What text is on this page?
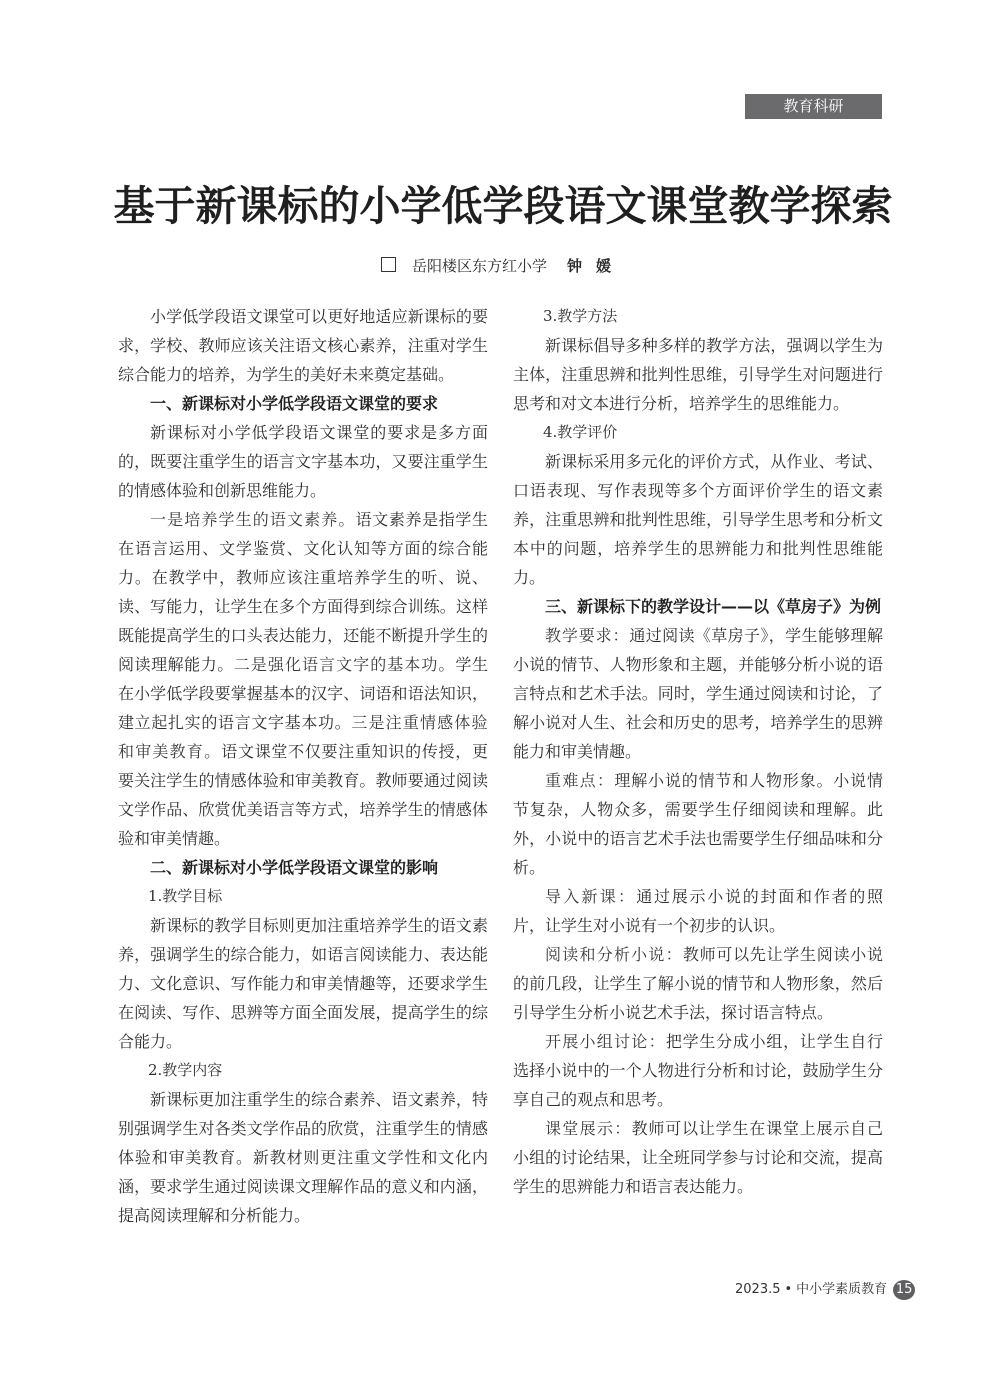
教育科研
基于新课标的小学低学段语文课堂教学探索
岳阳楼区东方红小学 钟媛

小学低学段语文课堂可以更好地适应新课标的要求，学校、教师应该关注语文核心素养，注重对学生综合能力的培养，为学生的美好未来奠定基础。

一、新课标对小学低学段语文课堂的要求

新课标对小学低学段语文课堂的要求是多方面的，既要注重学生的语言文字基本功，又要注重学生的情感体验和创新思维能力。

一是培养学生的语文素养。语文素养是指学生在语言运用、文学鉴赏、文化认知等方面的综合能力。在教学中，教师应该注重培养学生的听、说、读、写能力，让学生在多个方面得到综合训练。这样既能提高学生的口头表达能力，还能不断提升学生的阅读理解能力。二是强化语言文字的基本功。学生在小学低学段要掌握基本的汉字、词语和语法知识，建立起扎实的语言文字基本功。三是注重情感体验和审美教育。语文课堂不仅要注重知识的传授，更要关注学生的情感体验和审美教育。教师要通过阅读文学作品、欣赏优美语言等方式，培养学生的情感体验和审美情趣。

二、新课标对小学低学段语文课堂的影响
1.教学目标

新课标的教学目标则更加注重培养学生的语文素养，强调学生的综合能力，如语言阅读能力、表达能力、文化意识、写作能力和审美情趣等，还要求学生在阅读、写作、思辨等方面全面发展，提高学生的综合能力。

2.教学内容

新课标更加注重学生的综合素养、语文素养，特别强调学生对各类文学作品的欣赏，注重学生的情感体验和审美教育。新教材则更注重文学性和文化内涵，要求学生通过阅读课文理解作品的意义和内涵，提高阅读理解和分析能力。

3.教学方法

新课标倡导多种多样的教学方法，强调以学生为主体，注重思辨和批判性思维，引导学生对问题进行思考和对文本进行分析，培养学生的思维能力。

4.教学评价

新课标采用多元化的评价方式，从作业、考试、口语表现、写作表现等多个方面评价学生的语文素养，注重思辨和批判性思维，引导学生思考和分析文本中的问题，培养学生的思辨能力和批判性思维能力。

三、新课标下的教学设计——以《草房子》为例

教学要求：通过阅读《草房子》，学生能够理解小说的情节、人物形象和主题，并能够分析小说的语言特点和艺术手法。同时，学生通过阅读和讨论，了解小说对人生、社会和历史的思考，培养学生的思辨能力和审美情趣。

重难点：理解小说的情节和人物形象。小说情节复杂，人物众多，需要学生仔细阅读和理解。此外，小说中的语言艺术手法也需要学生仔细品味和分析。

导入新课：通过展示小说的封面和作者的照片，让学生对小说有一个初步的认识。

阅读和分析小说：教师可以先让学生阅读小说的前几段，让学生了解小说的情节和人物形象，然后引导学生分析小说艺术手法，探讨语言特点。

开展小组讨论：把学生分成小组，让学生自行选择小说中的一个人物进行分析和讨论，鼓励学生分享自己的观点和思考。

课堂展示：教师可以让学生在课堂上展示自己小组的讨论结果，让全班同学参与讨论和交流，提高学生的思辨能力和语言表达能力。

2023.5 • 中小学素质教育 15
